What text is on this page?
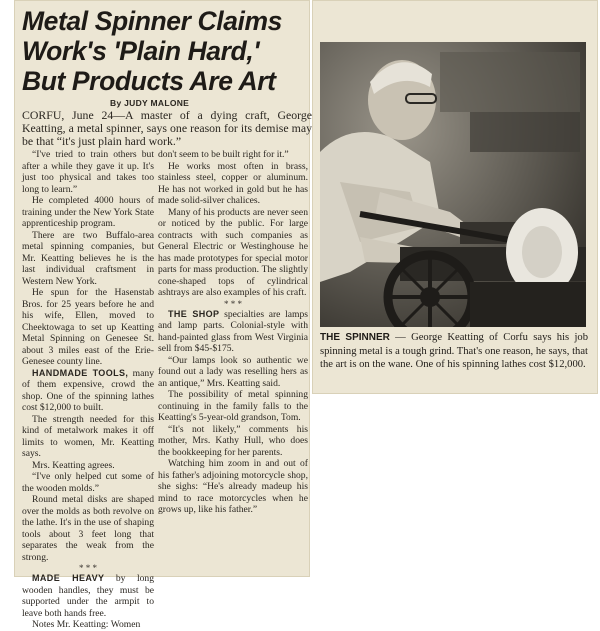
Metal Spinner Claims
Work's 'Plain Hard,'
But Products Are Art
By JUDY MALONE
CORFU, June 24—A master of a dying craft, George Keatting, a metal spinner, says one reason for its demise may be that “it's just plain hard work.”

“I've tried to train others but after a while they gave it up. It's just too physical and takes too long to learn.”

He completed 4000 hours of training under the New York State apprenticeship program.

There are two Buffalo-area metal spinning companies, but Mr. Keatting believes he is the last individual craftsment in Western New York.

He spun for the Hasenstab Bros. for 25 years before he and his wife, Ellen, moved to Cheektowaga to set up Keatting Metal Spinning on Genesee St. about 3 miles east of the Erie-Genesee county line.

HANDMADE TOOLS, many of them expensive, crowd the shop. One of the spinning lathes cost $12,000 to built.

The strength needed for this kind of metalwork makes it off limits to women, Mr. Keatting says.

Mrs. Keatting agrees.

“I've only helped cut some of the wooden molds.”

Round metal disks are shaped over the molds as both revolve on the lathe. It's in the use of shaping tools about 3 feet long that separates the weak from the strong.

* * *

MADE HEAVY by long wooden handles, they must be supported under the armpit to leave both hands free.

Notes Mr. Keatting: Women

don't seem to be built right for it.”

He works most often in brass, stainless steel, copper or aluminum. He has not worked in gold but he has made solid-silver chalices.

Many of his products are never seen or noticed by the public. For large contracts with such companies as General Electric or Westinghouse he has made prototypes for special motor parts for mass production. The slightly cone-shaped tops of cylindrical ashtrays are also examples of his craft.

* * *

THE SHOP specialties are lamps and lamp parts. Colonial-style with hand-painted glass from West Virginia sell from $45-$175.

“Our lamps look so authentic we found out a lady was reselling hers as an antique,” Mrs. Keatting said.

The possibility of metal spinning continuing in the family falls to the Keatting's 5-year-old grandson, Tom.

“It's not likely,” comments his mother, Mrs. Kathy Hull, who does the bookkeeping for her parents.

Watching him zoom in and out of his father's adjoining motorcycle shop, she sighs: “He's already madeup his mind to race motorcycles when he grows up, like his father.”

THE SPINNER — George Keatting of Corfu says his job spinning metal is a tough grind. That's one reason, he says, that the art is on the wane. One of his spinning lathes cost $12,000.
